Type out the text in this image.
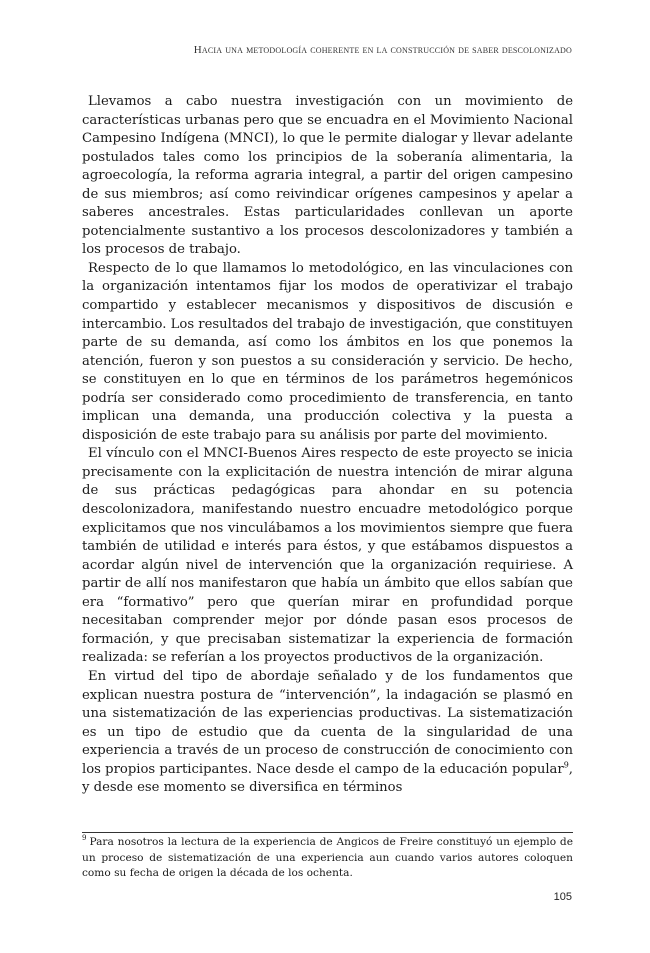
Hacia una metodología coherente en la construcción de saber descolonizado

Llevamos a cabo nuestra investigación con un movimiento de características urbanas pero que se encuadra en el Movimiento Nacional Campesino Indígena (MNCI), lo que le permite dialogar y llevar adelante postulados tales como los principios de la soberanía alimentaria, la agroecología, la reforma agraria integral, a partir del origen campesino de sus miembros; así como reivindicar orígenes campesinos y apelar a saberes ancestrales. Estas particularidades conllevan un aporte potencialmente sustantivo a los procesos descolonizadores y también a los procesos de trabajo.

Respecto de lo que llamamos lo metodológico, en las vinculaciones con la organización intentamos fijar los modos de operativizar el trabajo compartido y establecer mecanismos y dispositivos de discusión e intercambio. Los resultados del trabajo de investigación, que constituyen parte de su demanda, así como los ámbitos en los que ponemos la atención, fueron y son puestos a su consideración y servicio. De hecho, se constituyen en lo que en términos de los parámetros hegemónicos podría ser considerado como procedimiento de transferencia, en tanto implican una demanda, una producción colectiva y la puesta a disposición de este trabajo para su análisis por parte del movimiento.

El vínculo con el MNCI-Buenos Aires respecto de este proyecto se inicia precisamente con la explicitación de nuestra intención de mirar alguna de sus prácticas pedagógicas para ahondar en su potencia descolonizadora, manifestando nuestro encuadre metodológico porque explicitamos que nos vinculábamos a los movimientos siempre que fuera también de utilidad e interés para éstos, y que estábamos dispuestos a acordar algún nivel de intervención que la organización requiriese. A partir de allí nos manifestaron que había un ámbito que ellos sabían que era “formativo” pero que querían mirar en profundidad porque necesitaban comprender mejor por dónde pasan esos procesos de formación, y que precisaban sistematizar la experiencia de formación realizada: se referían a los proyectos productivos de la organización.

En virtud del tipo de abordaje señalado y de los fundamentos que explican nuestra postura de “intervención”, la indagación se plasmó en una sistematización de las experiencias productivas. La sistematización es un tipo de estudio que da cuenta de la singularidad de una experiencia a través de un proceso de construcción de conocimiento con los propios participantes. Nace desde el campo de la educación popular$^9$, y desde ese momento se diversifica en términos

$^9$ Para nosotros la lectura de la experiencia de Angicos de Freire constituyó un ejemplo de un proceso de sistematización de una experiencia aun cuando varios autores coloquen como su fecha de origen la década de los ochenta.

105
